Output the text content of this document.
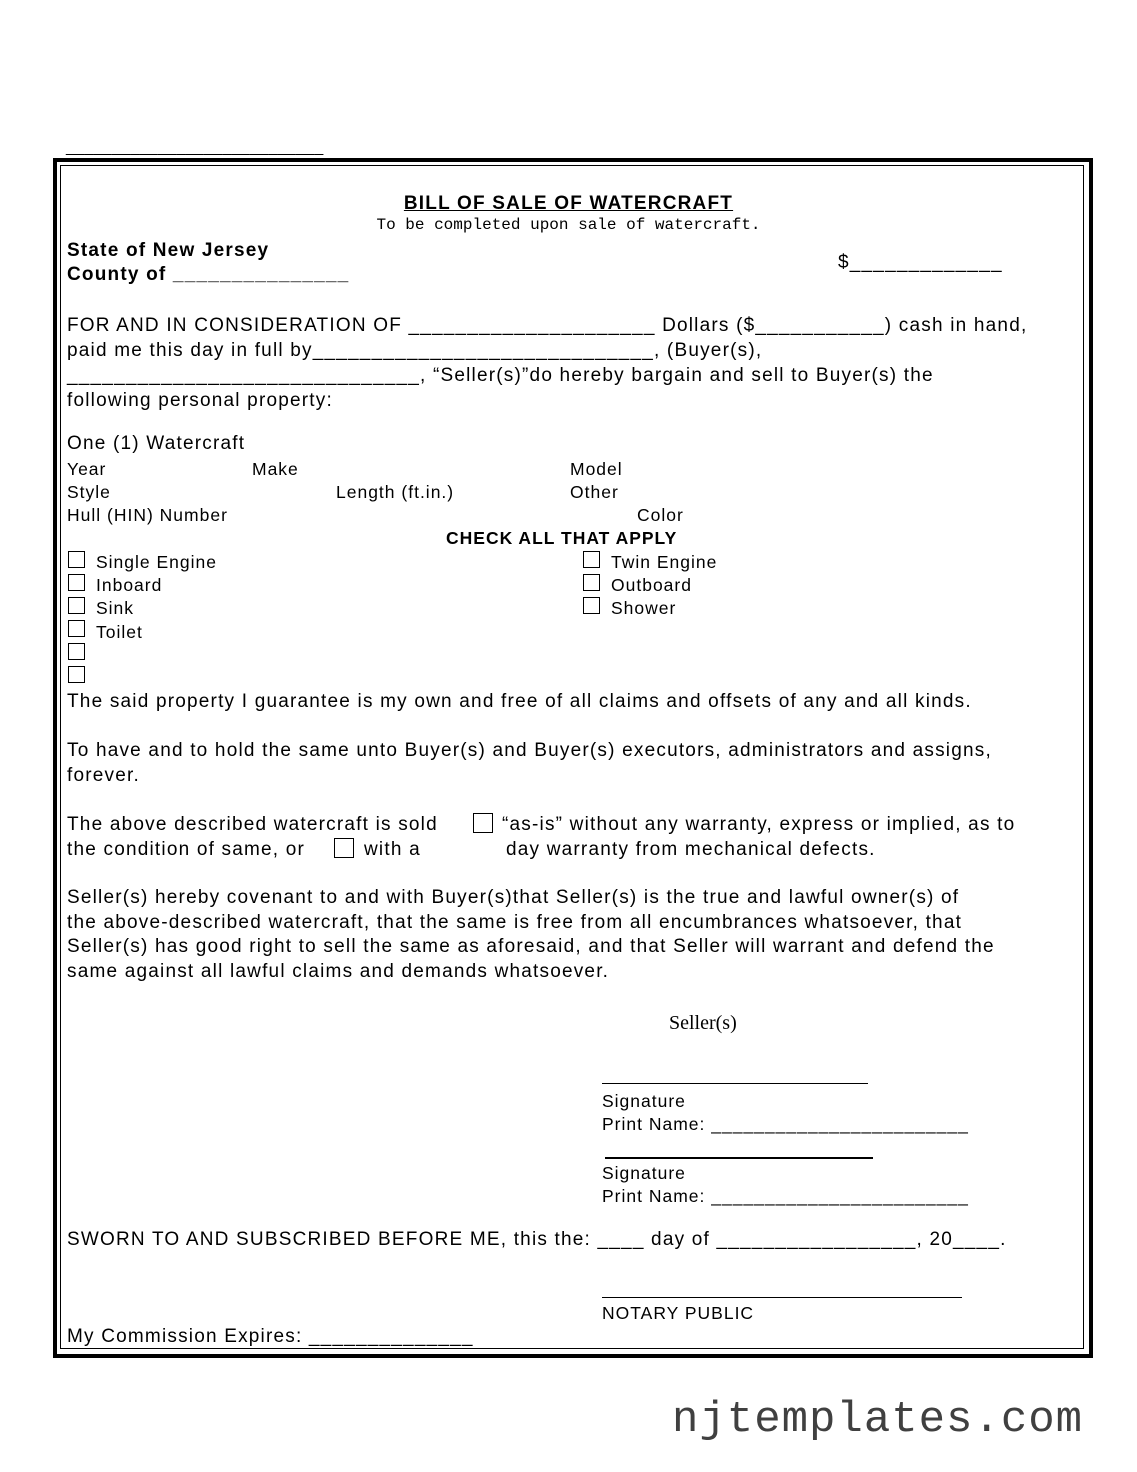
____________________________
BILL OF SALE OF WATERCRAFT
To be completed upon sale of watercraft.
State of New Jersey
County of _______________
$_____________
FOR AND IN CONSIDERATION OF _____________________ Dollars ($___________) cash in hand,
paid me this day in full by_____________________________, (Buyer(s),
______________________________, “Seller(s)”do hereby bargain and sell to Buyer(s) the
following personal property:
One (1) Watercraft
Year	Make	Model
Style	Length (ft.in.)	Other
Hull (HIN) Number	Color
CHECK ALL THAT APPLY
Single Engine
Inboard
Sink
Toilet
Twin Engine
Outboard
Shower
The said property I guarantee is my own and free of all claims and offsets of any and all kinds.
To have and to hold the same unto Buyer(s) and Buyer(s) executors, administrators and assigns,
forever.
The above described watercraft is sold	“as-is” without any warranty, express or implied, as to
the condition of same, or	with a	day warranty from mechanical defects.
Seller(s) hereby covenant to and with Buyer(s)that Seller(s) is the true and lawful owner(s) of
the above-described watercraft, that the same is free from all encumbrances whatsoever, that
Seller(s) has good right to sell the same as aforesaid, and that Seller will warrant and defend the
same against all lawful claims and demands whatsoever.
Seller(s)
Signature
Print Name: ________________________
Signature
Print Name: ________________________
SWORN TO AND SUBSCRIBED BEFORE ME, this the: ____ day of _________________, 20____.
NOTARY PUBLIC
My Commission Expires: ______________
njtemplates.com
